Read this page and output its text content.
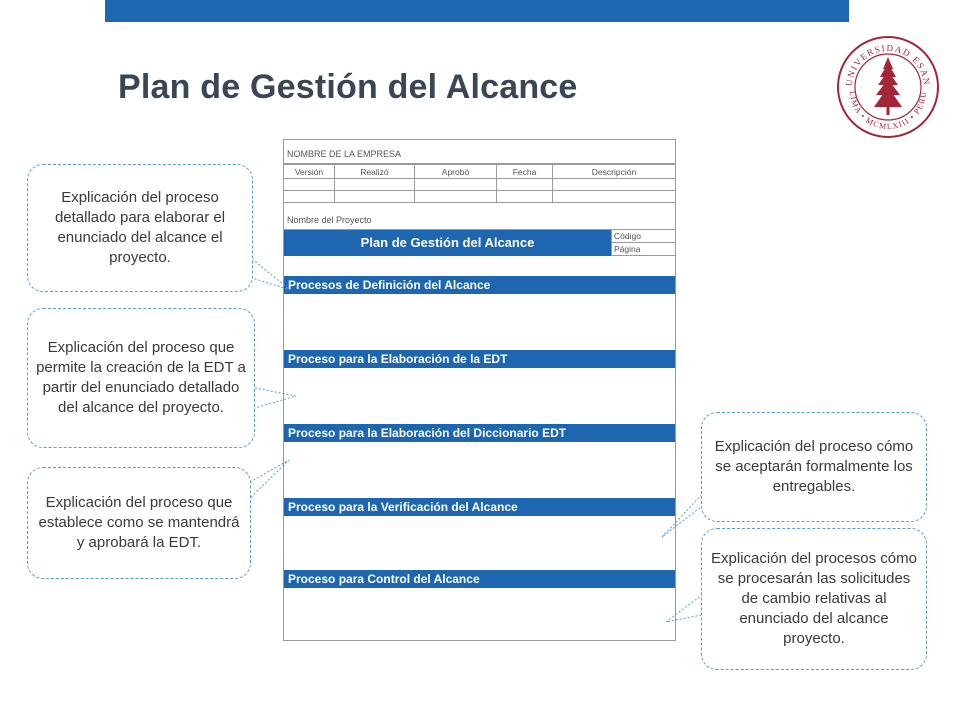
Plan de Gestión del Alcance	UNIVERSIDAD ESAN
LIMA • MCMLXIII • PERU
NOMBRE DE LA EMPRESA
Versión	Realizó	Aprobó	Fecha	Descripción

Nombre del Proyecto
Plan de Gestión del Alcance	Código
Página
Procesos de Definición del Alcance
Proceso para la Elaboración de la EDT
Proceso para la Elaboración del Diccionario EDT
Proceso para la Verificación del Alcance
Proceso para Control del Alcance
Explicación del proceso detallado para elaborar el enunciado del alcance el proyecto.
Explicación del proceso que permite la creación de la EDT a partir del enunciado detallado del alcance del proyecto.
Explicación del proceso que establece como se mantendrá y aprobará la EDT.
Explicación del proceso cómo se aceptarán formalmente los entregables.
Explicación del procesos cómo se procesarán las solicitudes de cambio relativas al enunciado del alcance proyecto.
